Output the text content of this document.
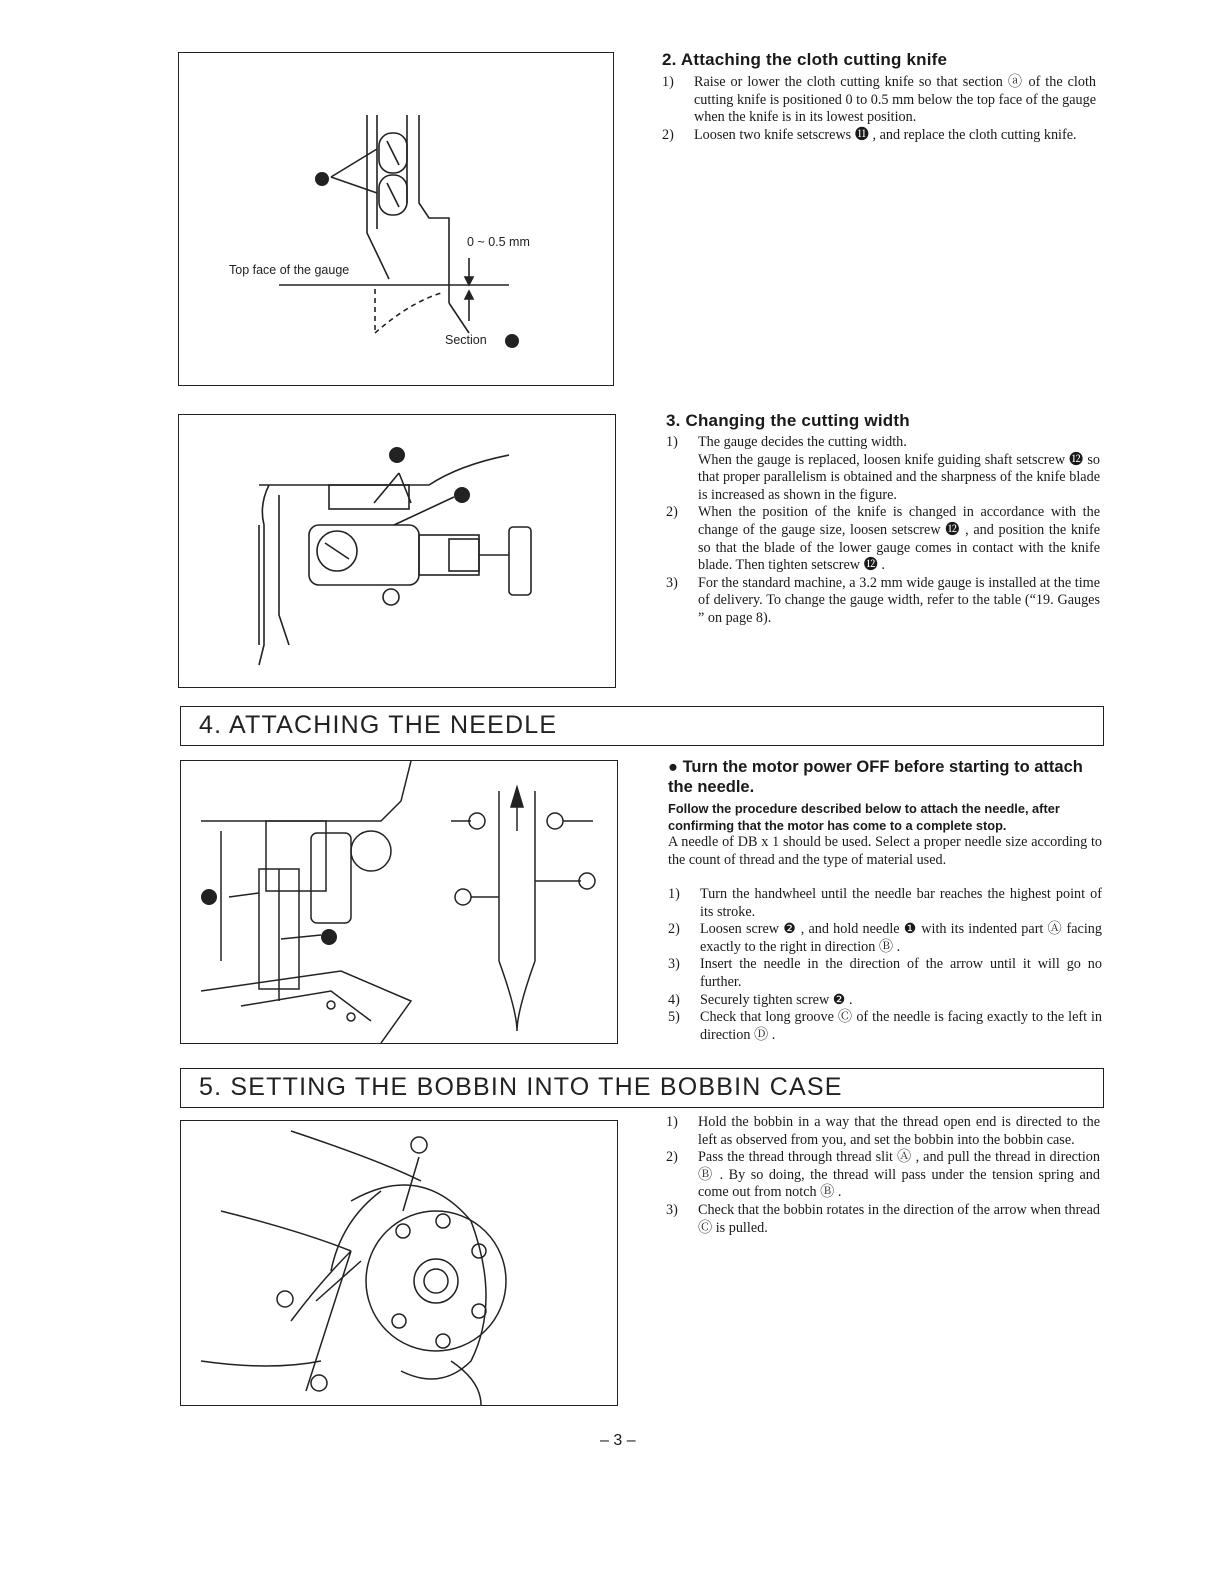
0 ~ 0.5 mm
Top face of the gauge
Section
2. Attaching the cloth cutting knife
1) Raise or lower the cloth cutting knife so that section ⓐ of the cloth cutting knife is positioned 0 to 0.5 mm below the top face of the gauge when the knife is in its lowest position.
2) Loosen two knife setscrews ⓫ , and replace the cloth cutting knife.
3. Changing the cutting width
1) The gauge decides the cutting width.
When the gauge is replaced, loosen knife guiding shaft setscrew ⓬ so that proper parallelism is obtained and the sharpness of the knife blade is increased as shown in the figure.
2) When the position of the knife is changed in accordance with the change of the gauge size, loosen setscrew ⓬ , and position the knife so that the blade of the lower gauge comes in contact with the knife blade. Then tighten setscrew ⓬ .
3) For the standard machine, a 3.2 mm wide gauge is installed at the time of delivery. To change the gauge width, refer to the table (“19. Gauges ” on page 8).
4. ATTACHING THE NEEDLE
● Turn the motor power OFF before starting to attach the needle.
Follow the procedure described below to attach the needle, after confirming that the motor has come to a complete stop.
A needle of DB x 1 should be used. Select a proper needle size according to the count of thread and the type of material used.
1) Turn the handwheel until the needle bar reaches the highest point of its stroke.
2) Loosen screw ❷ , and hold needle ❶ with its indented part Ⓐ facing exactly to the right in direction Ⓑ .
3) Insert the needle in the direction of the arrow until it will go no further.
4) Securely tighten screw ❷ .
5) Check that long groove Ⓒ of the needle is facing exactly to the left in direction Ⓓ .
5. SETTING THE BOBBIN INTO THE BOBBIN CASE
1) Hold the bobbin in a way that the thread open end is directed to the left as observed from you, and set the bobbin into the bobbin case.
2) Pass the thread through thread slit Ⓐ , and pull the thread in direction Ⓑ . By so doing, the thread will pass under the tension spring and come out from notch Ⓑ .
3) Check that the bobbin rotates in the direction of the arrow when thread Ⓒ is pulled.
– 3 –
